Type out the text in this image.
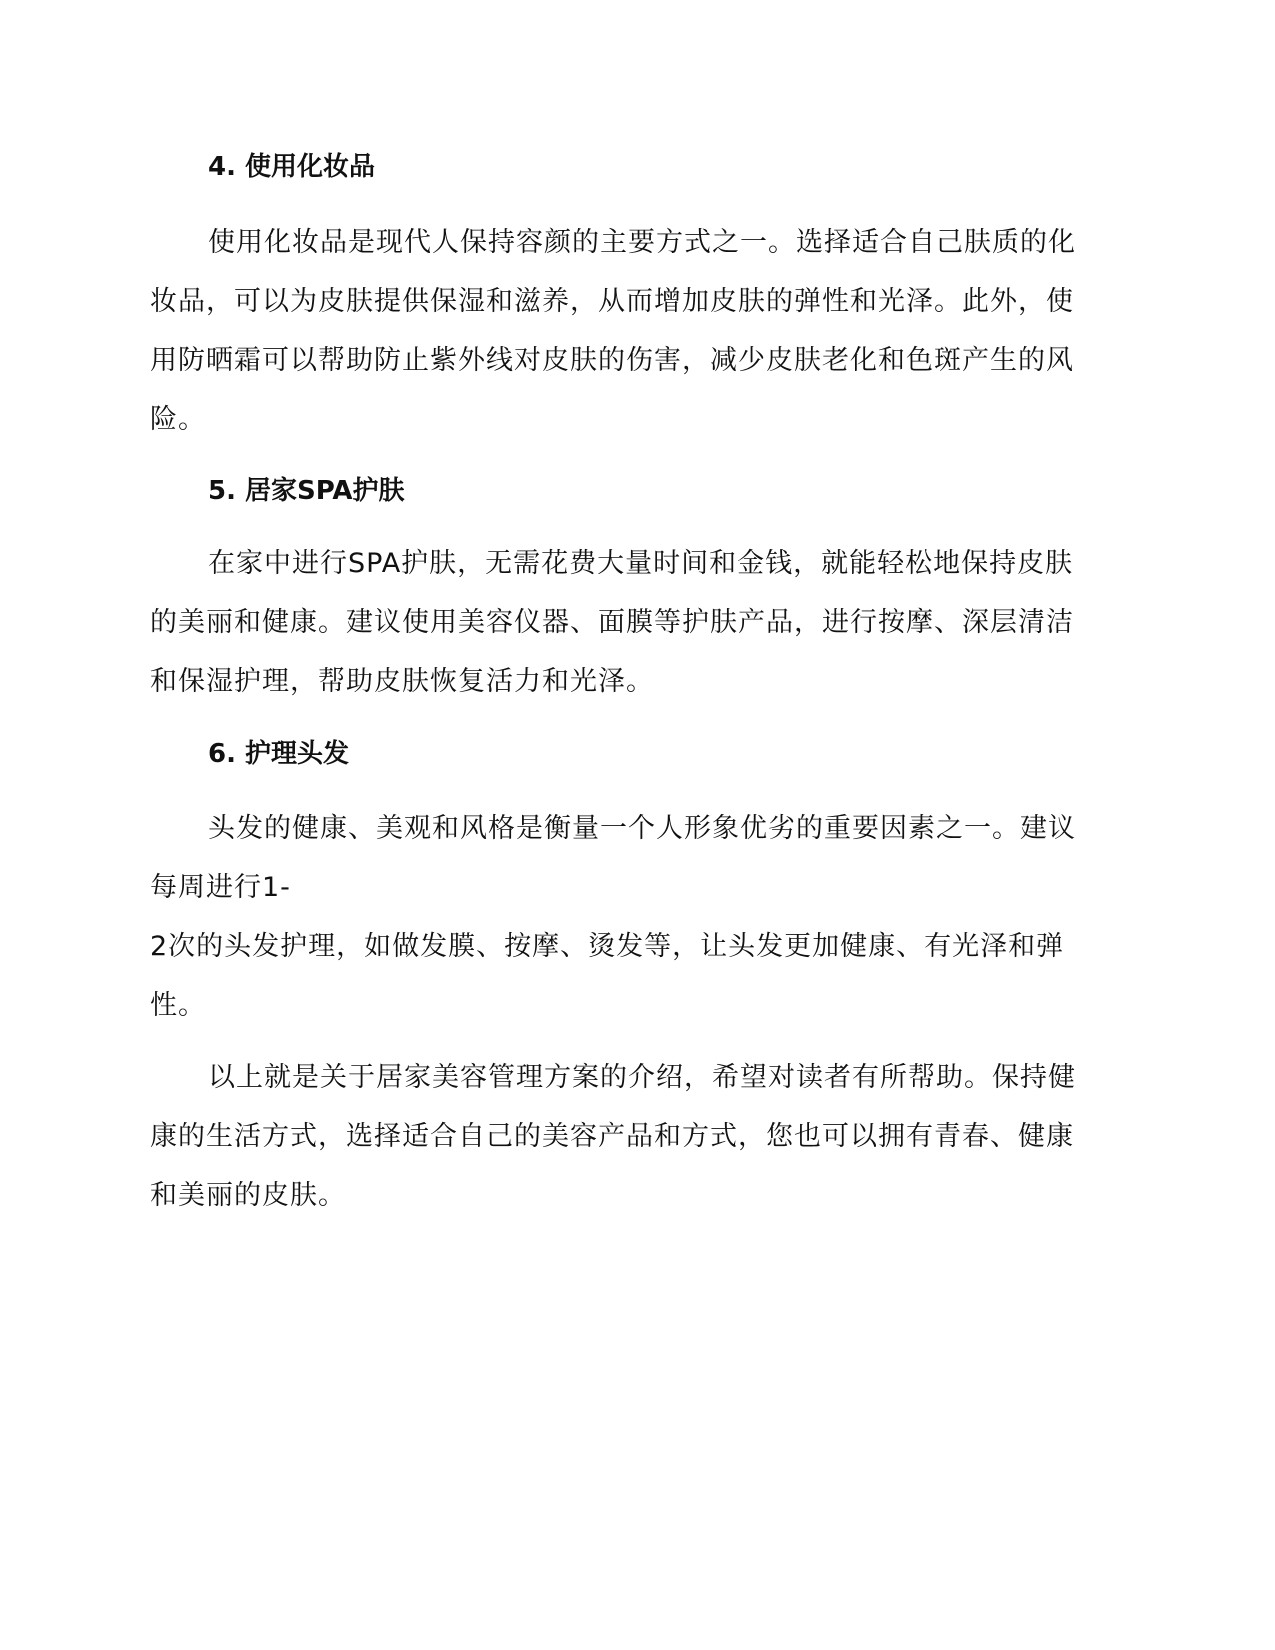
4. 使用化妆品
使用化妆品是现代人保持容颜的主要方式之一。选择适合自己肤质的化
妆品，可以为皮肤提供保湿和滋养，从而增加皮肤的弹性和光泽。此外，使
用防晒霜可以帮助防止紫外线对皮肤的伤害，减少皮肤老化和色斑产生的风
险。
5. 居家SPA护肤
在家中进行SPA护肤，无需花费大量时间和金钱，就能轻松地保持皮肤
的美丽和健康。建议使用美容仪器、面膜等护肤产品，进行按摩、深层清洁
和保湿护理，帮助皮肤恢复活力和光泽。
6. 护理头发
头发的健康、美观和风格是衡量一个人形象优劣的重要因素之一。建议
每周进行1-
2次的头发护理，如做发膜、按摩、烫发等，让头发更加健康、有光泽和弹
性。
以上就是关于居家美容管理方案的介绍，希望对读者有所帮助。保持健
康的生活方式，选择适合自己的美容产品和方式，您也可以拥有青春、健康
和美丽的皮肤。
